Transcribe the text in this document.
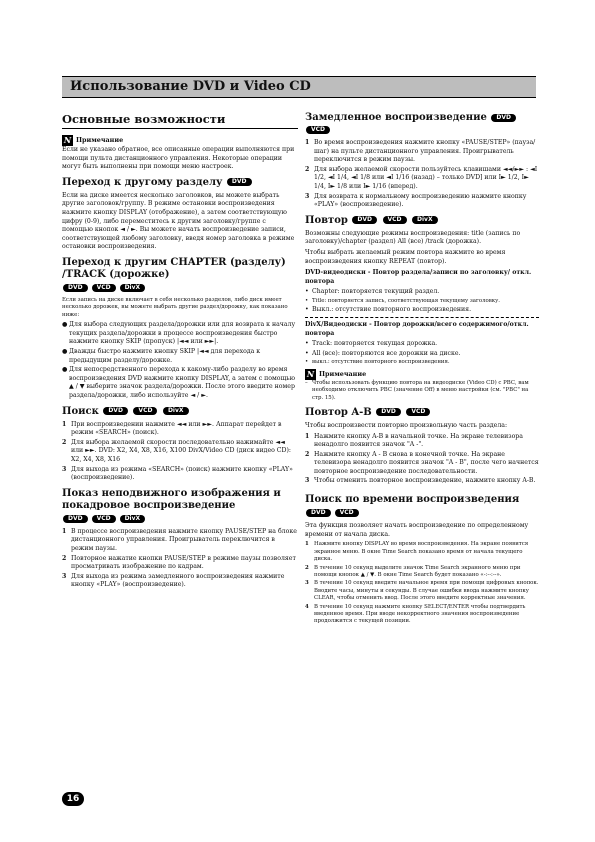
Использование DVD и Video CD
Основные возможности
N Примечание

Если не указано обратное, все описанные операции выполняются при помощи пульта дистанционного управления. Некоторые операции могут быть выполнены при помощи меню настроек.

Переход к другому разделу DVD

Если на диске имеется несколько заголовков, вы можете выбрать другие заголовок/группу. В режиме остановки воспроизведения нажмите кнопку DISPLAY (отображение), а затем соответствующую цифру (0-9), либо переместитесь к другим заголовку/группе с помощью кнопок ◄ / ►. Вы можете начать воспроизведение записи, соответствующей любому заголовку, введя номер заголовка в режиме остановки воспроизведения.

Переход к другим CHAPTER (разделу) /TRACK (дорожке)
DVD VCD DivX

Если запись на диске включает в себя несколько разделов, либо диск имеет несколько дорожек, вы можете выбрать другие раздел/дорожку, как показано ниже:

● Для выбора следующих раздела/дорожки или для возврата к началу текущих раздела/дорожки в процессе воспроизведения быстро нажмите кнопку SKIP (пропуск) |◄◄ или ►►|.
● Дважды быстро нажмите кнопку SKIP |◄◄ для перехода к предыдущим разделу/дорожке.
● Для непосредственного перехода к какому-либо разделу во время воспроизведения DVD нажмите кнопку DISPLAY, а затем с помощью ▲ / ▼ выберите значок раздела/дорожки. После этого введите номер раздела/дорожки, либо используйте ◄ / ►.
Поиск DVD	VCD	DivX
1 При воспроизведении нажмите ◄◄ или ►►. Аппарат перейдет в режим «SEARCH» (поиск).
2 Для выбора желаемой скорости последовательно нажимайте ◄◄ или ►►. DVD: X2, X4, X8, X16, X100 DivX/Video CD (диск видео CD): X2, X4, X8, X16
3 Для выхода из режима «SEARCH» (поиск) нажмите кнопку «PLAY» (воспроизведение).
Показ неподвижного изображения и покадровое воспроизведение
DVD VCD DivX
1 В процессе воспроизведения нажмите кнопку PAUSE/STEP на блоке дистанционного управления. Проигрыватель переключится в режим паузы.
2 Повторное нажатие кнопки PAUSE/STEP в режиме паузы позволяет просматривать изображение по кадрам.
3 Для выхода из режима замедленного воспроизведения нажмите кнопку «PLAY» (воспроизведение).
Замедленное воспроизведение DVD VCD
1 Во время воспроизведения нажмите кнопку «PAUSE/STEP» (пауза/шаг) на пульте дистанционного управления. Проигрыватель переключится в режим паузы.
2 Для выбора желаемой скорости пользуйтесь клавишами ◄◄/►► : ◄I 1/2, ◄I 1/4, ◄I 1/8 или ◄I 1/16 (назад) – только DVD] или I► 1/2, I► 1/4, I► 1/8 или I► 1/16 (вперед).
3 Для возврата к нормальному воспроизведению нажмите кнопку «PLAY» (воспроизведение).
Повтор DVD	VCD	DivX

Возможны следующие режимы воспроизведения: title (запись по заголовку)/chapter (раздел) All (все) /track (дорожка).

Чтобы выбрать желаемый режим повтора нажмите во время воспроизведения кнопку REPEAT (повтор).

DVD-видеодиски - Повтор раздела/записи по заголовку/ откл. повтора

• Chapter: повторяется текущий раздел.
• Title: повторяется запись, соответствующая текущему заголовку.
• Выкл.: отсутствие повторного воспроизведения.

DivX/Видеодиски - Повтор дорожки/всего содержимого/откл. повтора

• Track: повторяется текущая дорожка.
• All (все): повторяются все дорожки на диске.
• выкл.: отсутствие повторного воспроизведения.
N Примечание
– Чтобы использовать функцию повтора на видеодиске (Video CD) с PBC, вам необходимо отключить PBC (значение Off) в меню настройки (см. "PBC" на стр. 15).
Повтор A-B DVD	VCD

Чтобы воспроизвести повторно произвольную часть раздела:

1 Нажмите кнопку A-B в начальной точке. На экране телевизора ненадолго появится значок "A -".
2 Нажмите кнопку A - B снова в конечной точке. На экране телевизора ненадолго появится значок "A - B", после чего начнется повторное воспроизведение последовательности.
3 Чтобы отменить повторное воспроизведение, нажмите кнопку A-B.
Поиск по времени воспроизведения
DVD VCD

Эта функция позволяет начать воспроизведение по определенному времени от начала диска.

1 Нажмите кнопку DISPLAY во время воспроизведения. На экране появится экранное меню. В окне Time Search показано время от начала текущего диска.
2 В течение 10 секунд выделите значок Time Search экранного меню при помощи кнопок ▲ / ▼. В окне Time Search будет показано «-:--:--».
3 В течение 10 секунд введите начальное время при помощи цифровых кнопок. Вводите часы, минуты и секунды. В случае ошибки ввода нажмите кнопку CLEAR, чтобы отменить ввод. После этого введите корректные значения.
4 В течение 10 секунд нажмите кнопку SELECT/ENTER чтобы подтвердить введенное время. При вводе некорректного значения воспроизведение продолжится с текущей позиции.
16
